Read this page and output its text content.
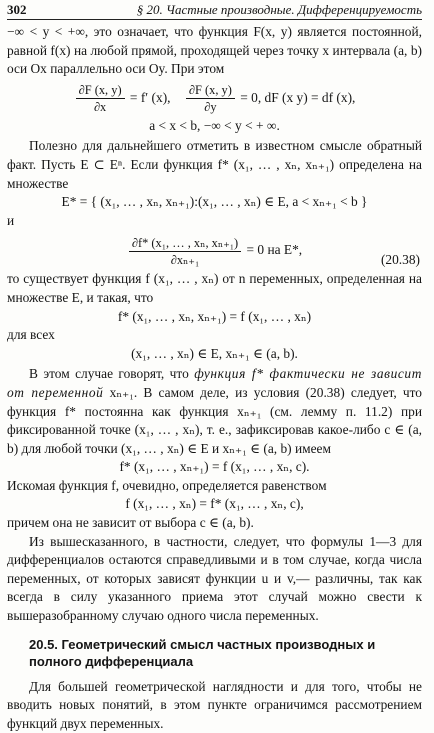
302	§ 20. Частные производные. Дифференцируемость

−∞ < y < +∞, это означает, что функция F(x, y) является постоянной, равной f(x) на любой прямой, проходящей через точку x интервала (a, b) оси Ox параллельно оси Oy. При этом

$\frac{\partial F (x, y)}{\partial x} = f'$ (x), $\frac{\partial F (x, y)}{\partial y} = 0$, dF (x y) = df (x),

a < x < b, −∞ < y < + ∞.

Полезно для дальнейшего отметить в известном смысле обратный факт. Пусть E ⊂ Eⁿ. Если функция f* (x₁, … , xₙ, xₙ₊₁) определена на множестве

E* = { (x₁, … , xₙ, xₙ₊₁):(x₁, … , xₙ) ∈ E, a < xₙ₊₁ < b }

и

$\frac{\text{∂f* (x₁, … , xₙ, xₙ₊₁)}}{\text{∂xₙ₊₁}} = 0$ на E*,
(20.38)

то существует функция f (x₁, … , xₙ) от n переменных, определенная на множестве E, и такая, что

f* (x₁, … , xₙ, xₙ₊₁) = f (x₁, … , xₙ)

для всех

(x₁, … , xₙ) ∈ E, xₙ₊₁ ∈ (a, b).

В этом случае говорят, что функция f* фактически не зависит от переменной xₙ₊₁. В самом деле, из условия (20.38) следует, что функция f* постоянна как функция xₙ₊₁ (см. лемму п. 11.2) при фиксированной точке (x₁, … , xₙ), т. е., зафиксировав какое-либо c ∈ (a, b) для любой точки (x₁, … , xₙ) ∈ E и xₙ₊₁ ∈ (a, b) имеем

f* (x₁, … , xₙ₊₁) = f (x₁, … , xₙ, c).

Искомая функция f, очевидно, определяется равенством

f (x₁, … , xₙ) = f* (x₁, … , xₙ, c),

причем она не зависит от выбора c ∈ (a, b).

Из вышесказанного, в частности, следует, что формулы 1—3 для дифференциалов остаются справедливыми и в том случае, когда числа переменных, от которых зависят функции u и v,— различны, так как всегда в силу указанного приема этот случай можно свести к вышеразобранному случаю одного числа переменных.

20.5. Геометрический смысл частных производных и полного дифференциала

Для большей геометрической наглядности и для того, чтобы не вводить новых понятий, в этом пункте ограничимся рассмотрением функций двух переменных.
